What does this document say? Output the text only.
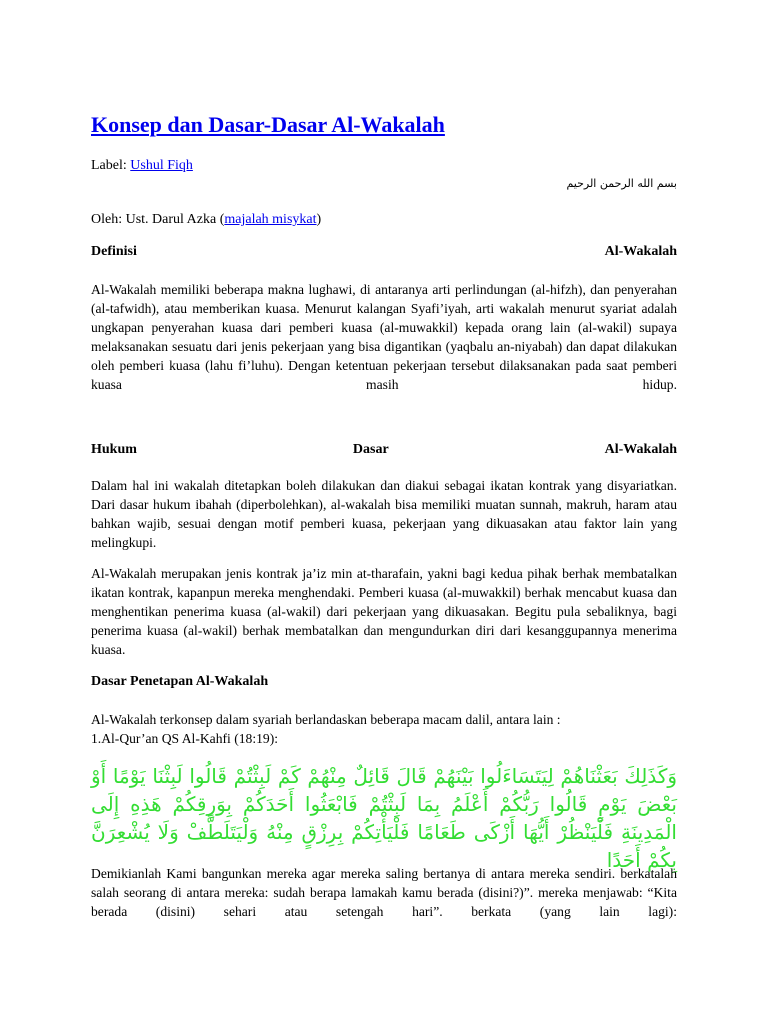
Konsep dan Dasar-Dasar Al-Wakalah
Label: Ushul Fiqh
بسم الله الرحمن الرحيم
Oleh: Ust. Darul Azka (majalah misykat)
Definisi	Al-Wakalah

Al-Wakalah memiliki beberapa makna lughawi, di antaranya arti perlindungan (al-hifzh), dan penyerahan (al-tafwidh), atau memberikan kuasa. Menurut kalangan Syafi’iyah, arti wakalah menurut syariat adalah ungkapan penyerahan kuasa dari pemberi kuasa (al-muwakkil) kepada orang lain (al-wakil) supaya melaksanakan sesuatu dari jenis pekerjaan yang bisa digantikan (yaqbalu an-niyabah) dan dapat dilakukan oleh pemberi kuasa (lahu fi’luhu). Dengan ketentuan pekerjaan tersebut dilaksanakan pada saat pemberi kuasa masih hidup.

Hukum	Dasar	Al-Wakalah

Dalam hal ini wakalah ditetapkan boleh dilakukan dan diakui sebagai ikatan kontrak yang disyariatkan. Dari dasar hukum ibahah (diperbolehkan), al-wakalah bisa memiliki muatan sunnah, makruh, haram atau bahkan wajib, sesuai dengan motif pemberi kuasa, pekerjaan yang dikuasakan atau faktor lain yang melingkupi.

Al-Wakalah merupakan jenis kontrak ja’iz min at-tharafain, yakni bagi kedua pihak berhak membatalkan ikatan kontrak, kapanpun mereka menghendaki. Pemberi kuasa (al-muwakkil) berhak mencabut kuasa dan menghentikan penerima kuasa (al-wakil) dari pekerjaan yang dikuasakan. Begitu pula sebaliknya, bagi penerima kuasa (al-wakil) berhak membatalkan dan mengundurkan diri dari kesanggupannya menerima kuasa.

Dasar Penetapan Al-Wakalah
Al-Wakalah terkonsep dalam syariah berlandaskan beberapa macam dalil, antara lain :
1.Al-Qur’an QS Al-Kahfi (18:19):

وَكَذَلِكَ بَعَثْنَاهُمْ لِيَتَسَاءَلُوا بَيْنَهُمْ قَالَ قَائِلٌ مِنْهُمْ كَمْ لَبِثْتُمْ قَالُوا لَبِثْنَا يَوْمًا أَوْ بَعْضَ يَوْمٍ قَالُوا رَبُّكُمْ أَعْلَمُ بِمَا لَبِثْتُمْ فَابْعَثُوا أَحَدَكُمْ بِوَرِقِكُمْ هَذِهِ إِلَى الْمَدِينَةِ فَلْيَنْظُرْ أَيُّهَا أَزْكَى طَعَامًا فَلْيَأْتِكُمْ بِرِزْقٍ مِنْهُ وَلْيَتَلَطَّفْ وَلَا يُشْعِرَنَّ بِكُمْ أَحَدًا

Demikianlah Kami bangunkan mereka agar mereka saling bertanya di antara mereka sendiri. berkatalah salah seorang di antara mereka: sudah berapa lamakah kamu berada (disini?)”. mereka menjawab: “Kita berada (disini) sehari atau setengah hari”. berkata (yang lain lagi):
